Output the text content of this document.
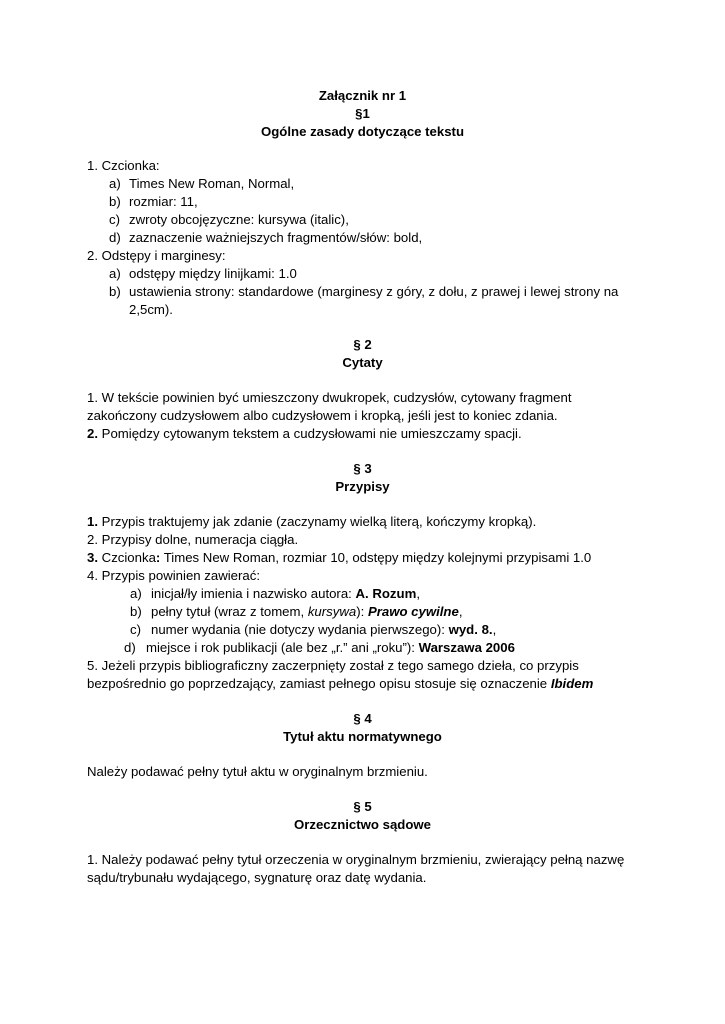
Załącznik nr 1
§1
Ogólne zasady dotyczące tekstu
1. Czcionka:
a) Times New Roman, Normal,
b) rozmiar: 11,
c) zwroty obcojęzyczne: kursywa (italic),
d) zaznaczenie ważniejszych fragmentów/słów: bold,
2. Odstępy i marginesy:
a) odstępy między linijkami: 1.0
b) ustawienia strony: standardowe (marginesy z góry, z dołu, z prawej i lewej strony na
2,5cm).
§ 2
Cytaty
1. W tekście powinien być umieszczony dwukropek, cudzysłów, cytowany fragment
zakończony cudzysłowem albo cudzysłowem i kropką, jeśli jest to koniec zdania.
2. Pomiędzy cytowanym tekstem a cudzysłowami nie umieszczamy spacji.
§ 3
Przypisy
1. Przypis traktujemy jak zdanie (zaczynamy wielką literą, kończymy kropką).
2. Przypisy dolne, numeracja ciągła.
3. Czcionka: Times New Roman, rozmiar 10, odstępy między kolejnymi przypisami 1.0
4. Przypis powinien zawierać:
a) inicjał/ły imienia i nazwisko autora: A. Rozum,
b) pełny tytuł (wraz z tomem, kursywa): Prawo cywilne,
c) numer wydania (nie dotyczy wydania pierwszego): wyd. 8.,
d) miejsce i rok publikacji (ale bez „r.” ani „roku”): Warszawa 2006
5. Jeżeli przypis bibliograficzny zaczerpnięty został z tego samego dzieła, co przypis
bezpośrednio go poprzedzający, zamiast pełnego opisu stosuje się oznaczenie Ibidem
§ 4
Tytuł aktu normatywnego
Należy podawać pełny tytuł aktu w oryginalnym brzmieniu.
§ 5
Orzecznictwo sądowe
1. Należy podawać pełny tytuł orzeczenia w oryginalnym brzmieniu, zwierający pełną nazwę
sądu/trybunału wydającego, sygnaturę oraz datę wydania.
